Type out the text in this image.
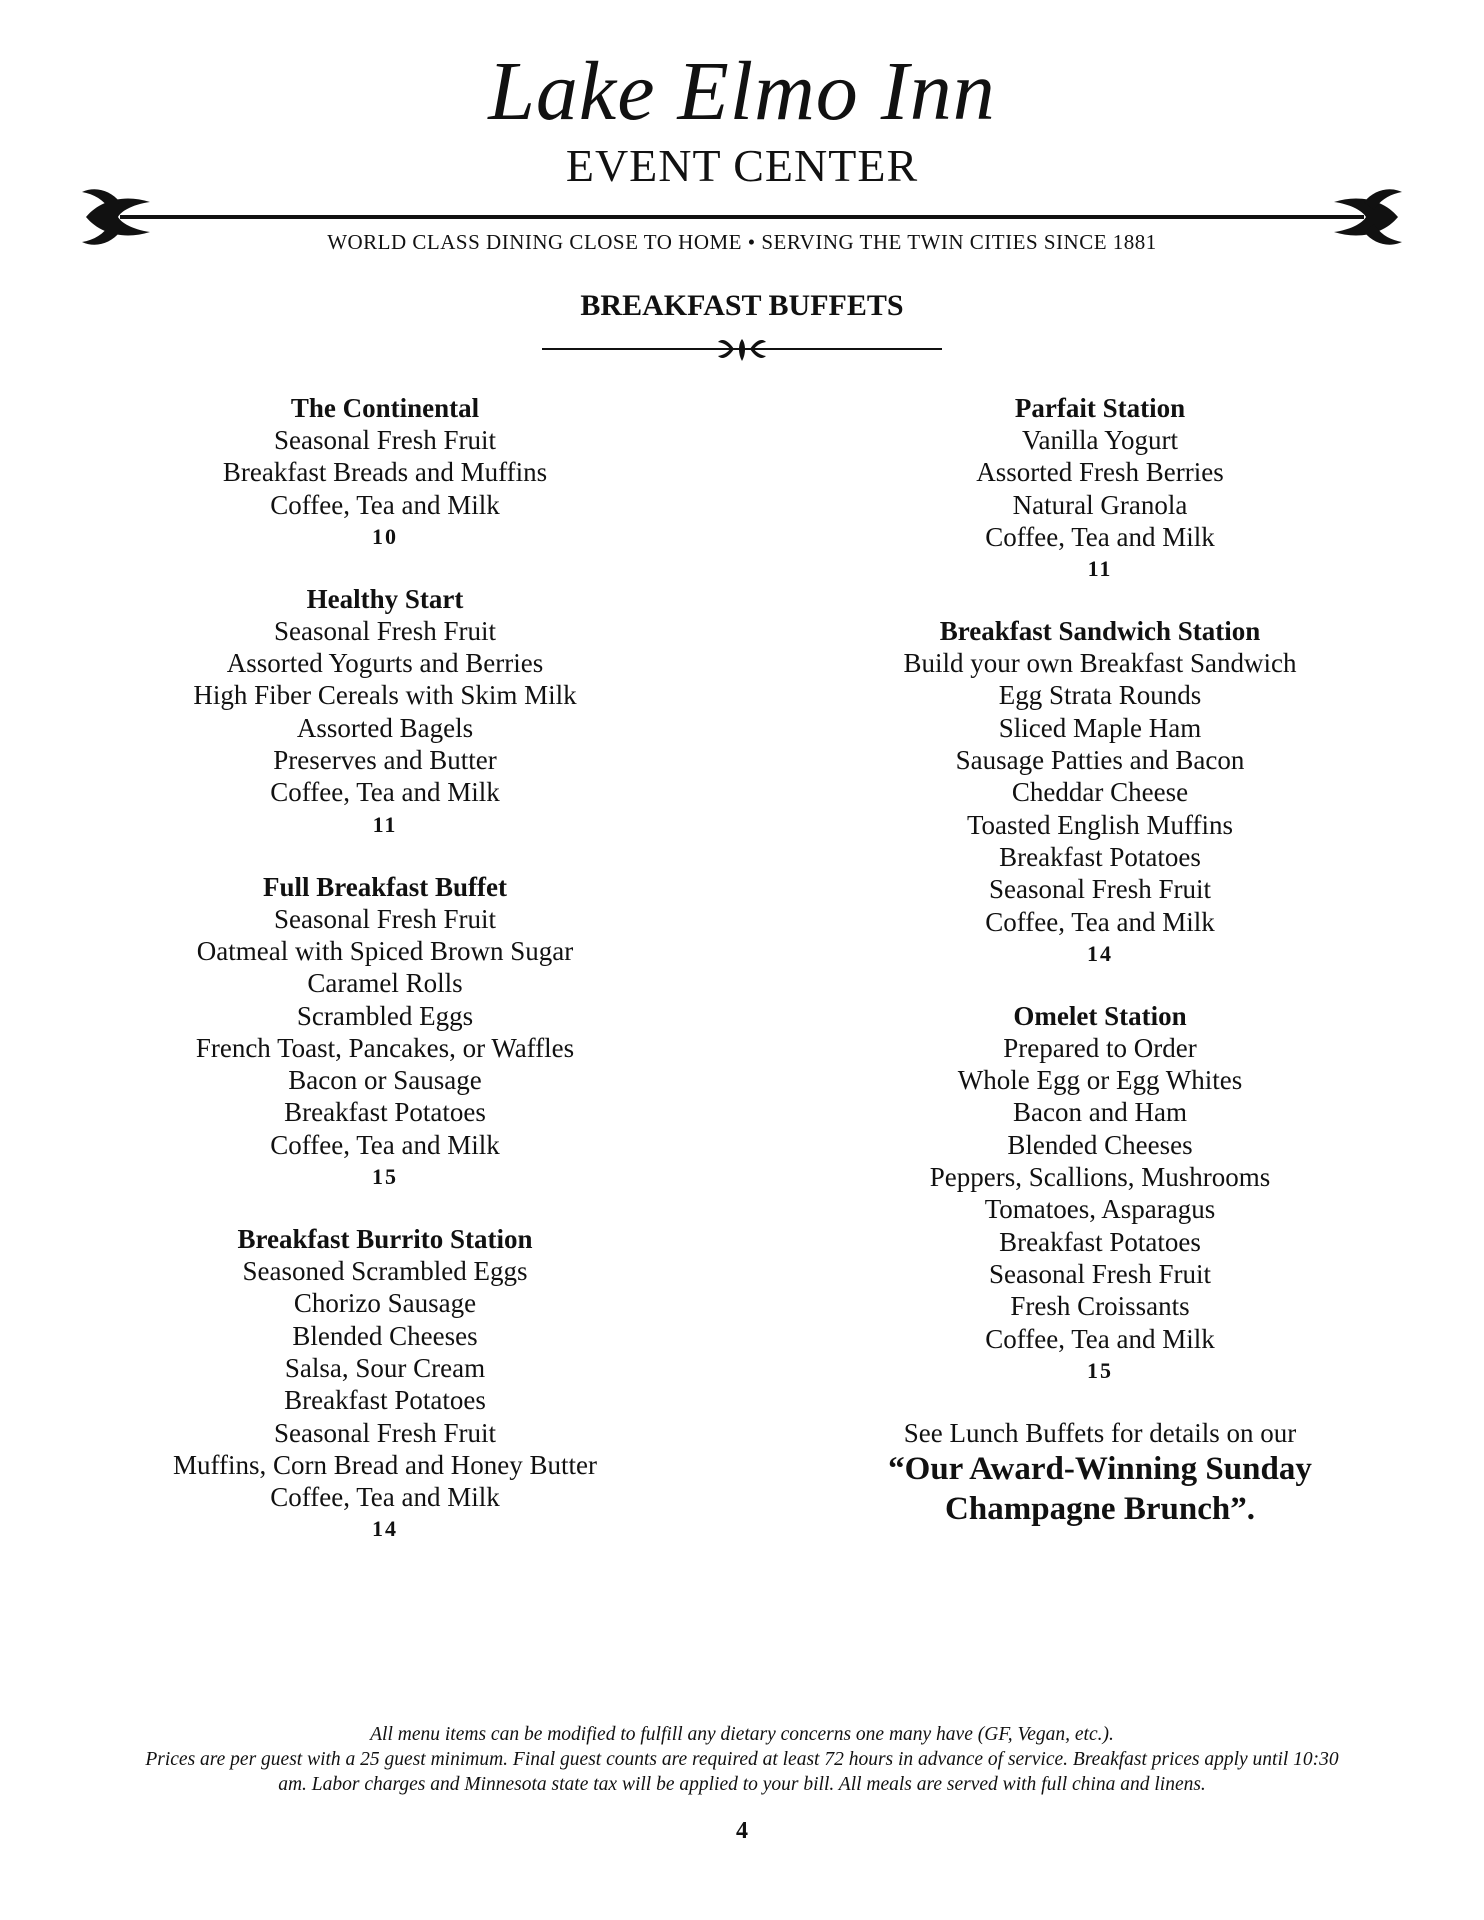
Lake Elmo Inn
EVENT CENTER
WORLD CLASS DINING CLOSE TO HOME • SERVING THE TWIN CITIES SINCE 1881
BREAKFAST BUFFETS
The Continental
Seasonal Fresh Fruit
Breakfast Breads and Muffins
Coffee, Tea and Milk
10
Healthy Start
Seasonal Fresh Fruit
Assorted Yogurts and Berries
High Fiber Cereals with Skim Milk
Assorted Bagels
Preserves and Butter
Coffee, Tea and Milk
11
Full Breakfast Buffet
Seasonal Fresh Fruit
Oatmeal with Spiced Brown Sugar
Caramel Rolls
Scrambled Eggs
French Toast, Pancakes, or Waffles
Bacon or Sausage
Breakfast Potatoes
Coffee, Tea and Milk
15
Breakfast Burrito Station
Seasoned Scrambled Eggs
Chorizo Sausage
Blended Cheeses
Salsa, Sour Cream
Breakfast Potatoes
Seasonal Fresh Fruit
Muffins, Corn Bread and Honey Butter
Coffee, Tea and Milk
14
Parfait Station
Vanilla Yogurt
Assorted Fresh Berries
Natural Granola
Coffee, Tea and Milk
11
Breakfast Sandwich Station
Build your own Breakfast Sandwich
Egg Strata Rounds
Sliced Maple Ham
Sausage Patties and Bacon
Cheddar Cheese
Toasted English Muffins
Breakfast Potatoes
Seasonal Fresh Fruit
Coffee, Tea and Milk
14
Omelet Station
Prepared to Order
Whole Egg or Egg Whites
Bacon and Ham
Blended Cheeses
Peppers, Scallions, Mushrooms
Tomatoes, Asparagus
Breakfast Potatoes
Seasonal Fresh Fruit
Fresh Croissants
Coffee, Tea and Milk
15
See Lunch Buffets for details on our
“Our Award-Winning Sunday
Champagne Brunch”.
All menu items can be modified to fulfill any dietary concerns one many have (GF, Vegan, etc.).
Prices are per guest with a 25 guest minimum. Final guest counts are required at least 72 hours in advance of service. Breakfast prices apply until 10:30
am. Labor charges and Minnesota state tax will be applied to your bill. All meals are served with full china and linens.
4
